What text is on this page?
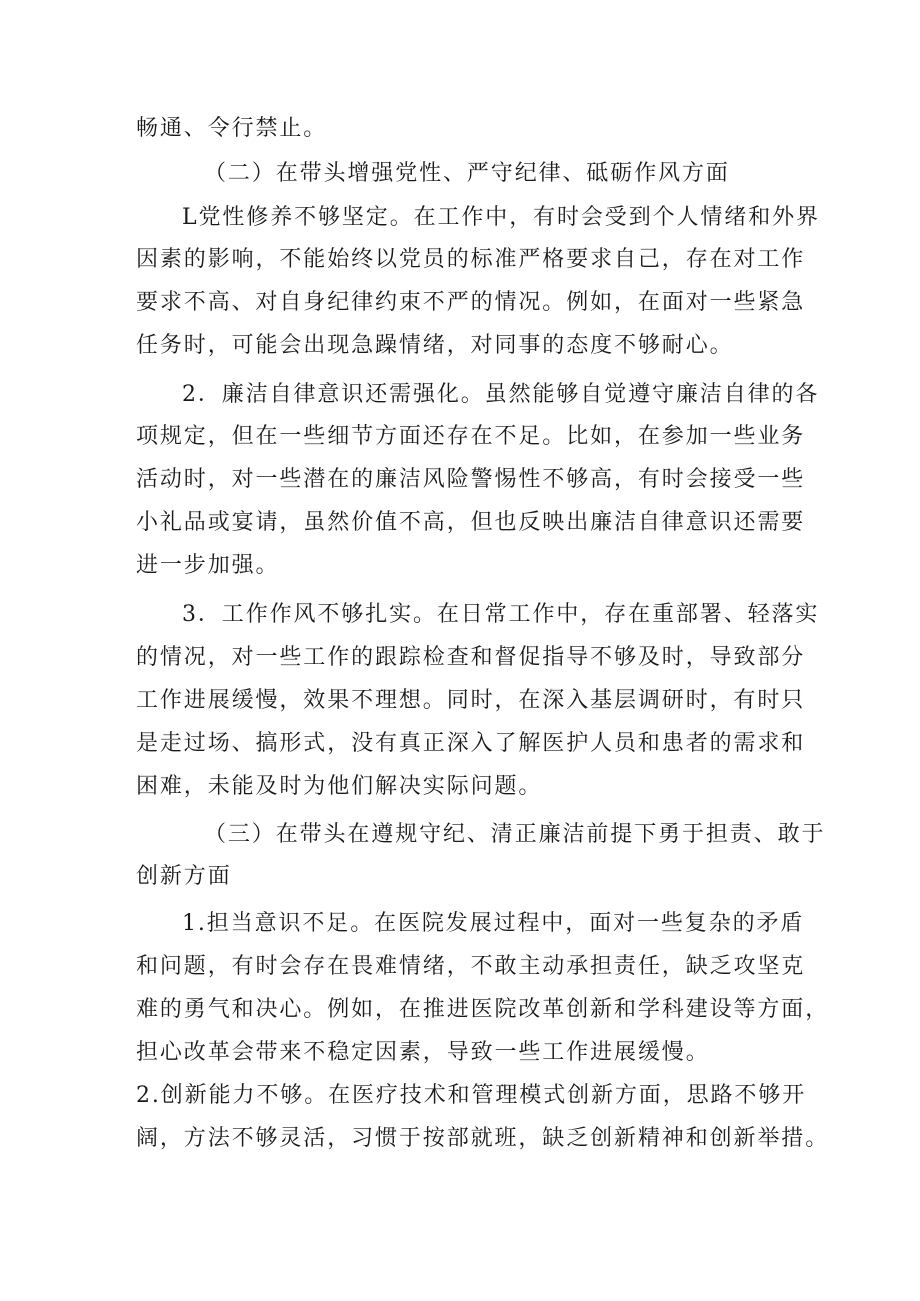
畅通、令行禁止。
（二）在带头增强党性、严守纪律、砥砺作风方面
L党性修养不够坚定。在工作中，有时会受到个人情绪和外界
因素的影响，不能始终以党员的标准严格要求自己，存在对工作
要求不高、对自身纪律约束不严的情况。例如，在面对一些紧急
任务时，可能会出现急躁情绪，对同事的态度不够耐心。
2．廉洁自律意识还需强化。虽然能够自觉遵守廉洁自律的各
项规定，但在一些细节方面还存在不足。比如，在参加一些业务
活动时，对一些潜在的廉洁风险警惕性不够高，有时会接受一些
小礼品或宴请，虽然价值不高，但也反映出廉洁自律意识还需要
进一步加强。
3．工作作风不够扎实。在日常工作中，存在重部署、轻落实
的情况，对一些工作的跟踪检查和督促指导不够及时，导致部分
工作进展缓慢，效果不理想。同时，在深入基层调研时，有时只
是走过场、搞形式，没有真正深入了解医护人员和患者的需求和
困难，未能及时为他们解决实际问题。
（三）在带头在遵规守纪、清正廉洁前提下勇于担责、敢于
创新方面
1.担当意识不足。在医院发展过程中，面对一些复杂的矛盾
和问题，有时会存在畏难情绪，不敢主动承担责任，缺乏攻坚克
难的勇气和决心。例如，在推进医院改革创新和学科建设等方面，
担心改革会带来不稳定因素，导致一些工作进展缓慢。
2.创新能力不够。在医疗技术和管理模式创新方面，思路不够开
阔，方法不够灵活，习惯于按部就班，缺乏创新精神和创新举措。
